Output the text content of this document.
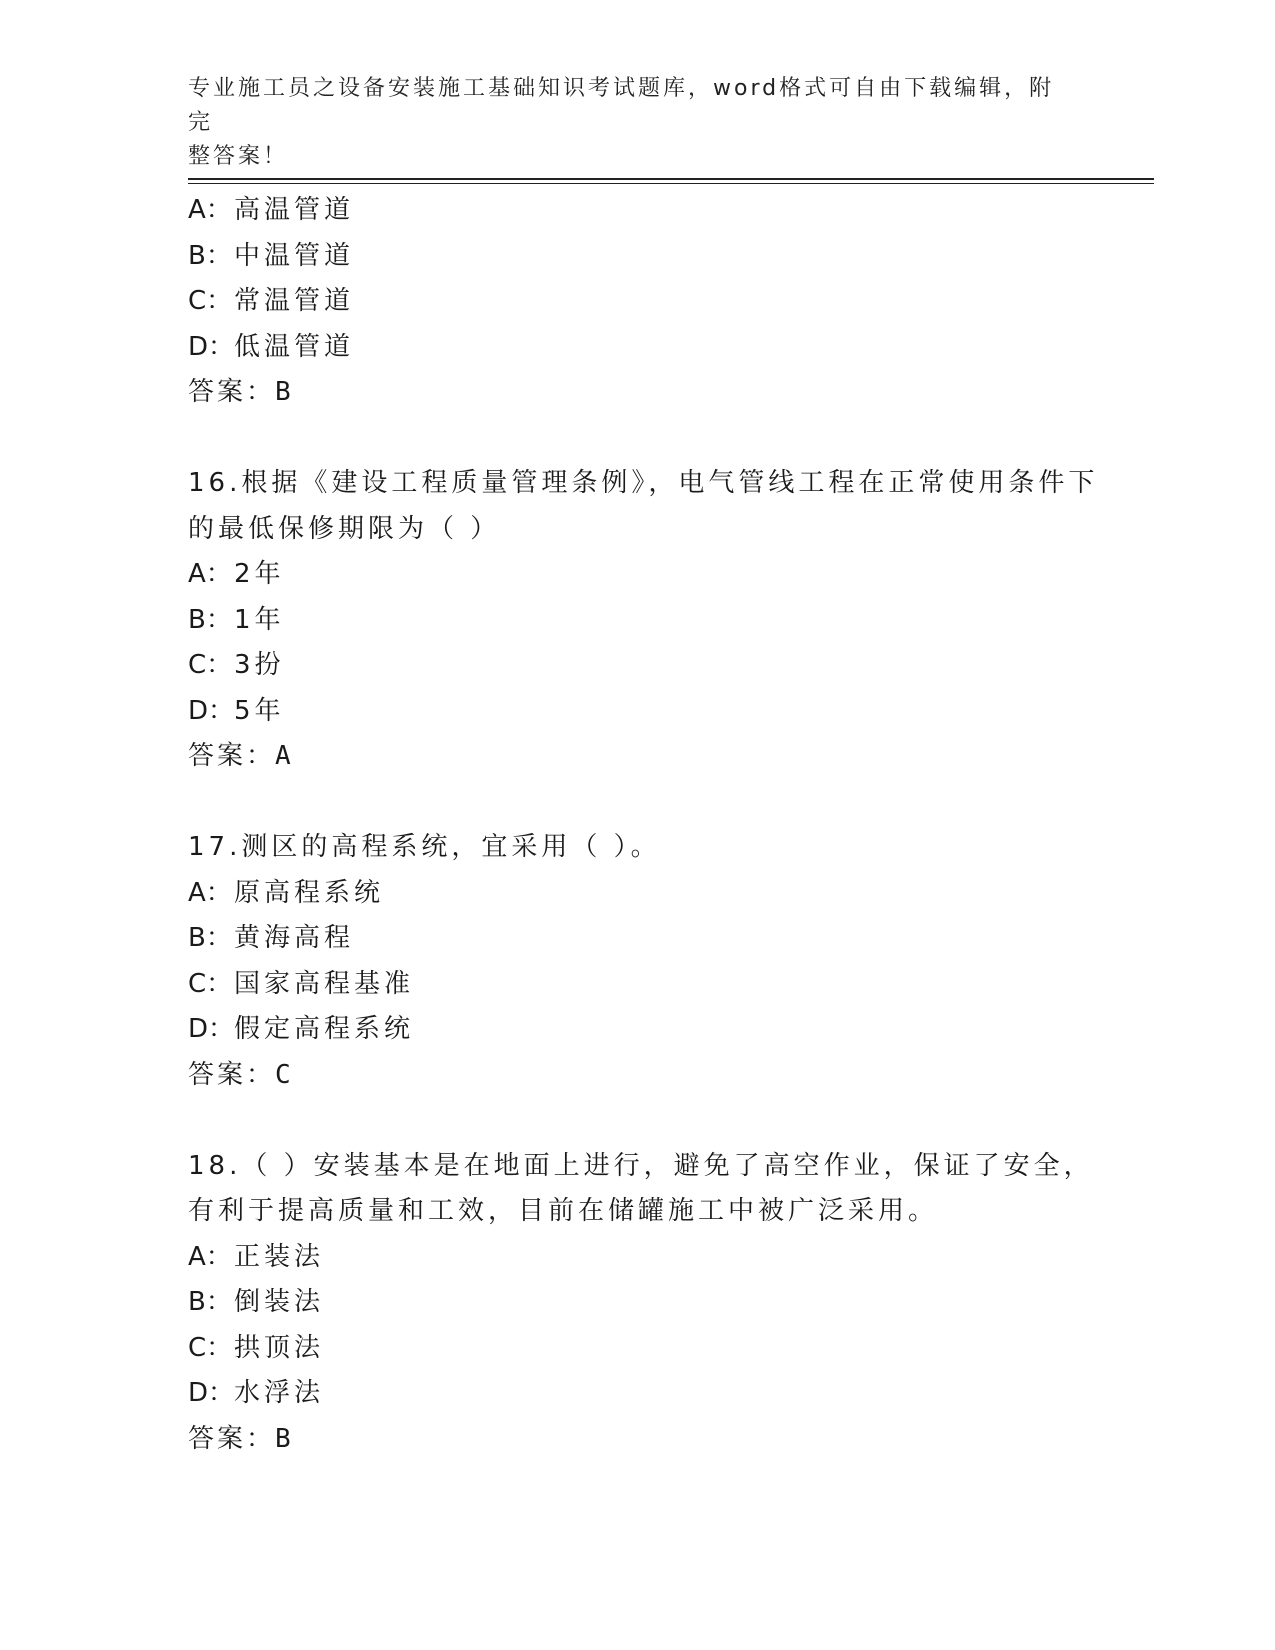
专业施工员之设备安装施工基础知识考试题库，word格式可自由下载编辑，附完
整答案！
A：高温管道
B：中温管道
C：常温管道
D：低温管道
答案：B
16.根据《建设工程质量管理条例》，电气管线工程在正常使用条件下
的最低保修期限为（ ）
A：2年
B：1年
C：3扮
D：5年
答案：A
17.测区的高程系统，宜采用（ ）。
A：原高程系统
B：黄海高程
C：国家高程基准
D：假定高程系统
答案：C
18.（ ）安装基本是在地面上进行，避免了高空作业，保证了安全，
有利于提高质量和工效，目前在储罐施工中被广泛采用。
A：正装法
B：倒装法
C：拱顶法
D：水浮法
答案：B
